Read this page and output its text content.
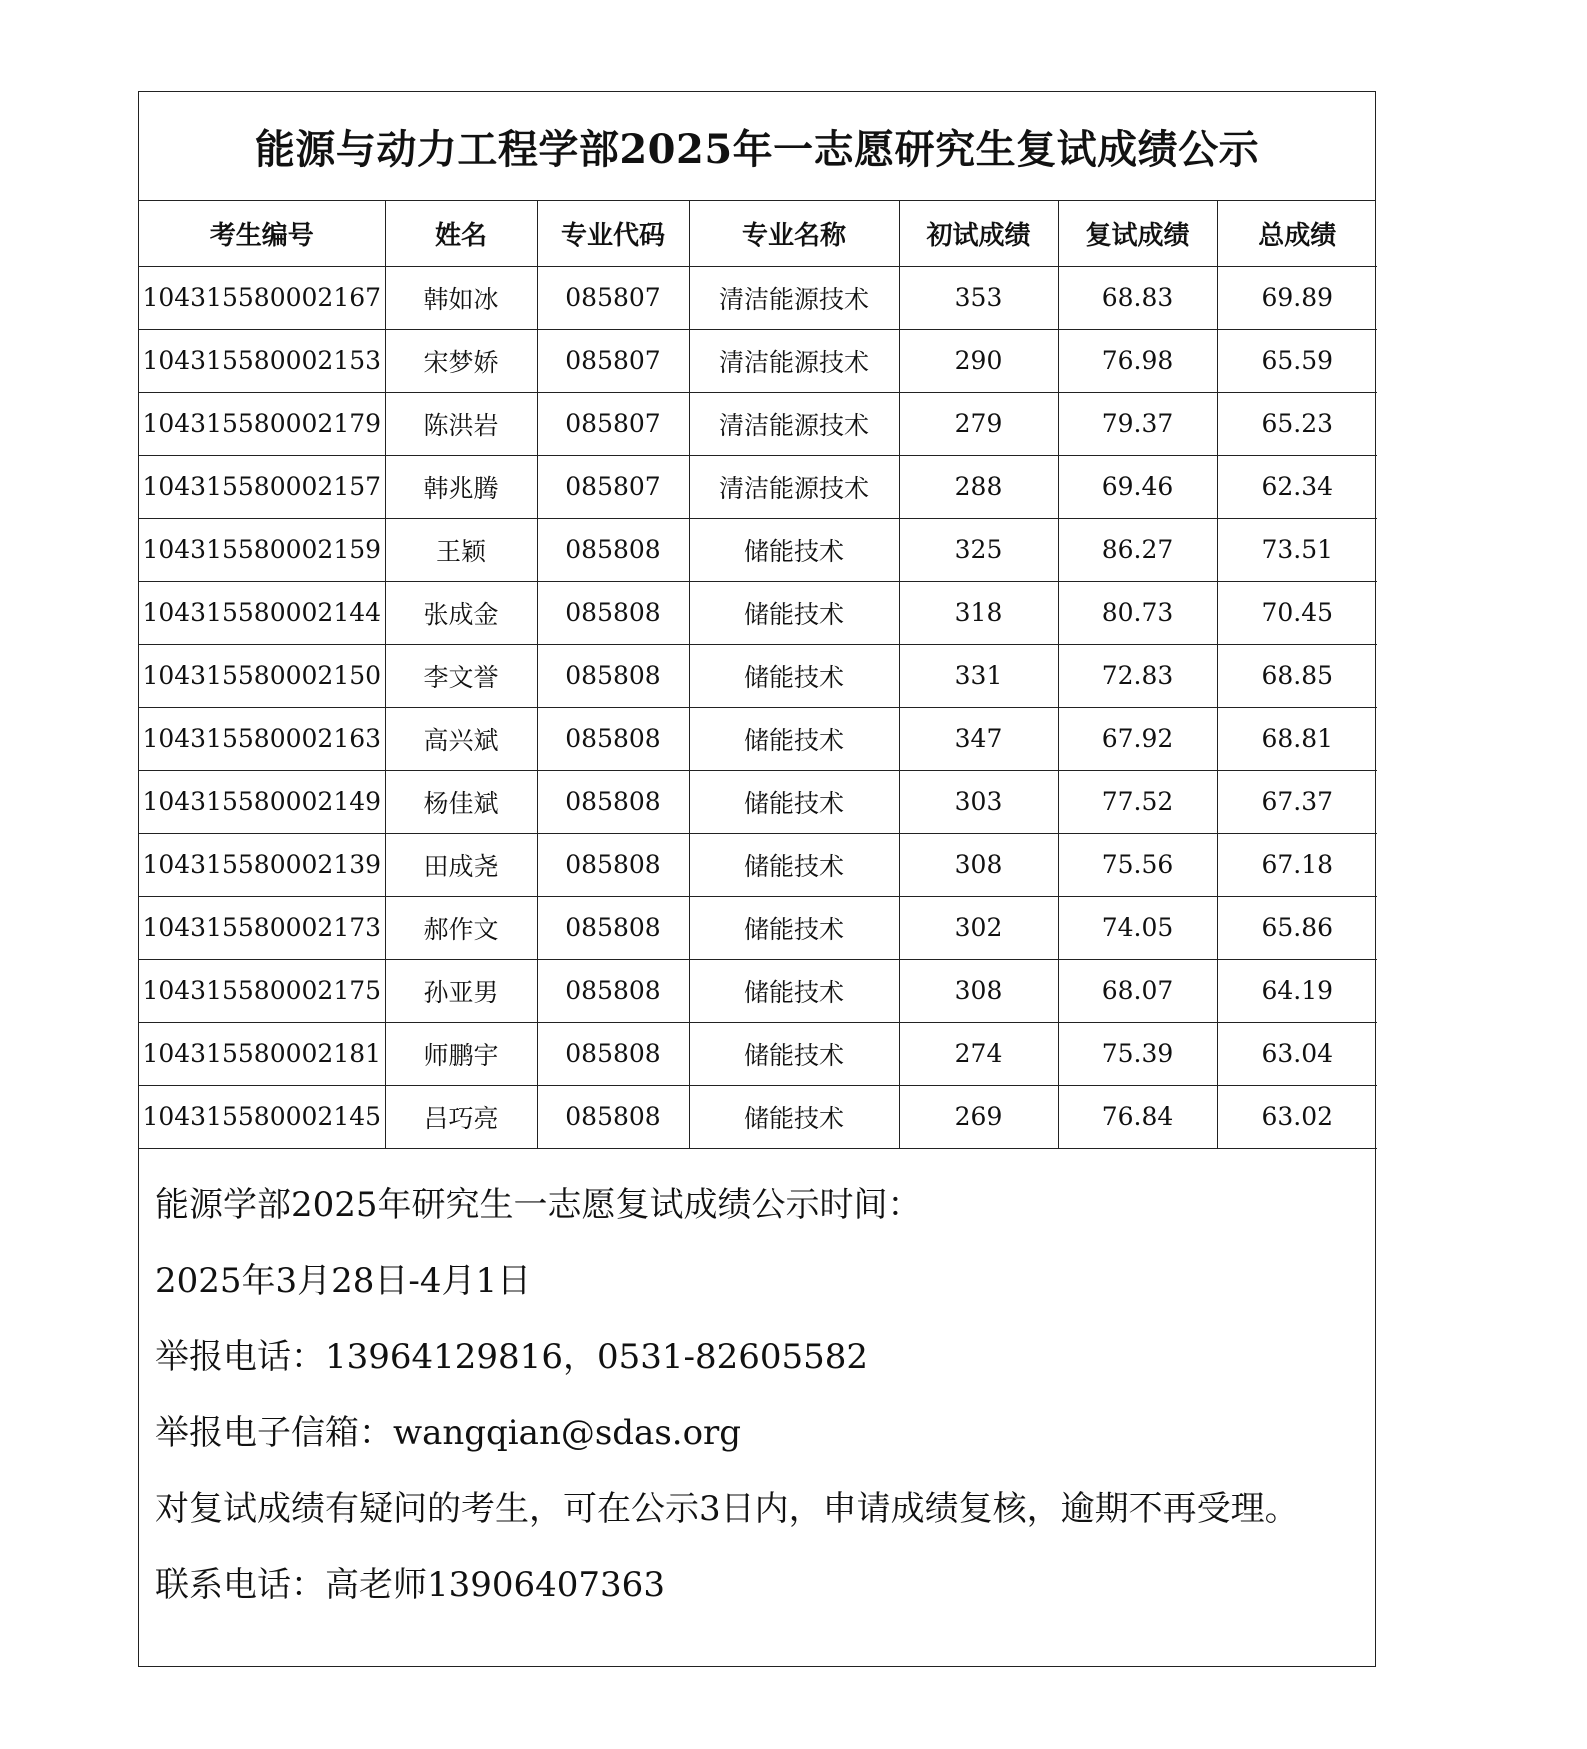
能源与动力工程学部2025年一志愿研究生复试成绩公示
考生编号	姓名	专业代码	专业名称	初试成绩	复试成绩	总成绩
104315580002167	韩如冰	085807	清洁能源技术	353	68.83	69.89
104315580002153	宋梦娇	085807	清洁能源技术	290	76.98	65.59
104315580002179	陈洪岩	085807	清洁能源技术	279	79.37	65.23
104315580002157	韩兆腾	085807	清洁能源技术	288	69.46	62.34
104315580002159	王颖	085808	储能技术	325	86.27	73.51
104315580002144	张成金	085808	储能技术	318	80.73	70.45
104315580002150	李文誉	085808	储能技术	331	72.83	68.85
104315580002163	高兴斌	085808	储能技术	347	67.92	68.81
104315580002149	杨佳斌	085808	储能技术	303	77.52	67.37
104315580002139	田成尧	085808	储能技术	308	75.56	67.18
104315580002173	郝作文	085808	储能技术	302	74.05	65.86
104315580002175	孙亚男	085808	储能技术	308	68.07	64.19
104315580002181	师鹏宇	085808	储能技术	274	75.39	63.04
104315580002145	吕巧亮	085808	储能技术	269	76.84	63.02
能源学部2025年研究生一志愿复试成绩公示时间：
2025年3月28日-4月1日
举报电话：13964129816，0531-82605582
举报电子信箱：wangqian@sdas.org
对复试成绩有疑问的考生，可在公示3日内，申请成绩复核，逾期不再受理。
联系电话：高老师13906407363
